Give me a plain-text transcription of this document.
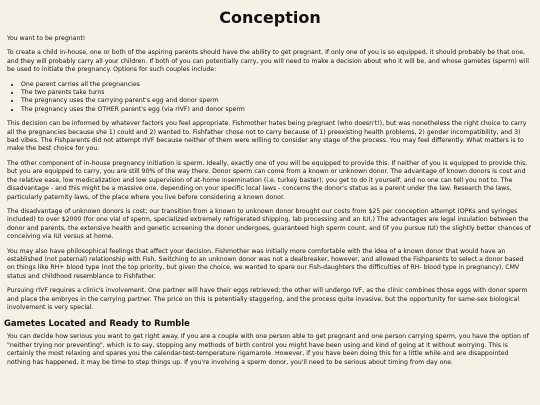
Conception

You want to be pregnant!

To create a child in-house, one or both of the aspiring parents should have the ability to get pregnant. If only one of you is so equipped, it should probably be that one, and they will probably carry all your children. If both of you can potentially carry, you will need to make a decision about who it will be, and whose gametes (sperm) will be used to initiate the pregnancy. Options for such couples include:

• One parent carries all the pregnancies
• The two parents take turns
• The pregnancy uses the carrying parent's egg and donor sperm
• The pregnancy uses the OTHER parent's egg (via rIVF) and donor sperm

This decision can be informed by whatever factors you feel appropriate. Fishmother hates being pregnant (who doesn't!), but was nonetheless the right choice to carry all the pregnancies because she 1) could and 2) wanted to. Fishfather chose not to carry because of 1) preexisting health problems, 2) gender incompatibility, and 3) bad vibes. The Fishparents did not attempt rIVF because neither of them were willing to consider any stage of the process. You may feel differently. What matters is to make the best choice for you.

The other component of in-house pregnancy initiation is sperm. Ideally, exactly one of you will be equipped to provide this. If neither of you is equipped to provide this, but you are equipped to carry, you are still 90% of the way there. Donor sperm can come from a known or unknown donor. The advantage of known donors is cost and the relative ease, low medicalization and low supervision of at-home insemination (i.e. turkey baster); you get to do it yourself, and no one can tell you not to. The disadvantage - and this might be a massive one, depending on your specific local laws - concerns the donor's status as a parent under the law. Research the laws, particularly paternity laws, of the place where you live before considering a known donor.

The disadvantage of unknown donors is cost; our transition from a known to unknown donor brought our costs from $25 per conception attempt (OPKs and syringes included) to over $2000 (for one vial of sperm, specialized extremely refrigerated shipping, lab processing and an IUI.) The advantages are legal insulation between the donor and parents, the extensive health and genetic screening the donor undergoes, guaranteed high sperm count, and (if you pursue IUI) the slightly better chances of conceiving via IUI versus at home.

You may also have philosophical feelings that affect your decision. Fishmother was initially more comfortable with the idea of a known donor that would have an established (not paternal) relationship with Fish. Switching to an unknown donor was not a dealbreaker, however, and allowed the Fishparents to select a donor based on things like RH+ blood type (not the top priority, but given the choice, we wanted to spare our Fish-daughters the difficulties of RH- blood type in pregnancy), CMV status and childhood resemblance to Fishfather.

Pursuing rIVF requires a clinic's involvement. One partner will have their eggs retrieved; the other will undergo IVF, as the clinic combines those eggs with donor sperm and place the embryos in the carrying partner. The price on this is potentially staggering, and the process quite invasive, but the opportunity for same-sex biological involvement is very special.

Gametes Located and Ready to Rumble

You can decide how serious you want to get right away. If you are a couple with one person able to get pregnant and one person carrying sperm, you have the option of "neither trying nor preventing", which is to say, stopping any methods of birth control you might have been using and kind of going at it without worrying. This is certainly the most relaxing and spares you the calendar-test-temperature rigamarole. However, if you have been doing this for a little while and are disappointed nothing has happened, it may be time to step things up. If you're involving a sperm donor, you'll need to be serious about timing from day one.
